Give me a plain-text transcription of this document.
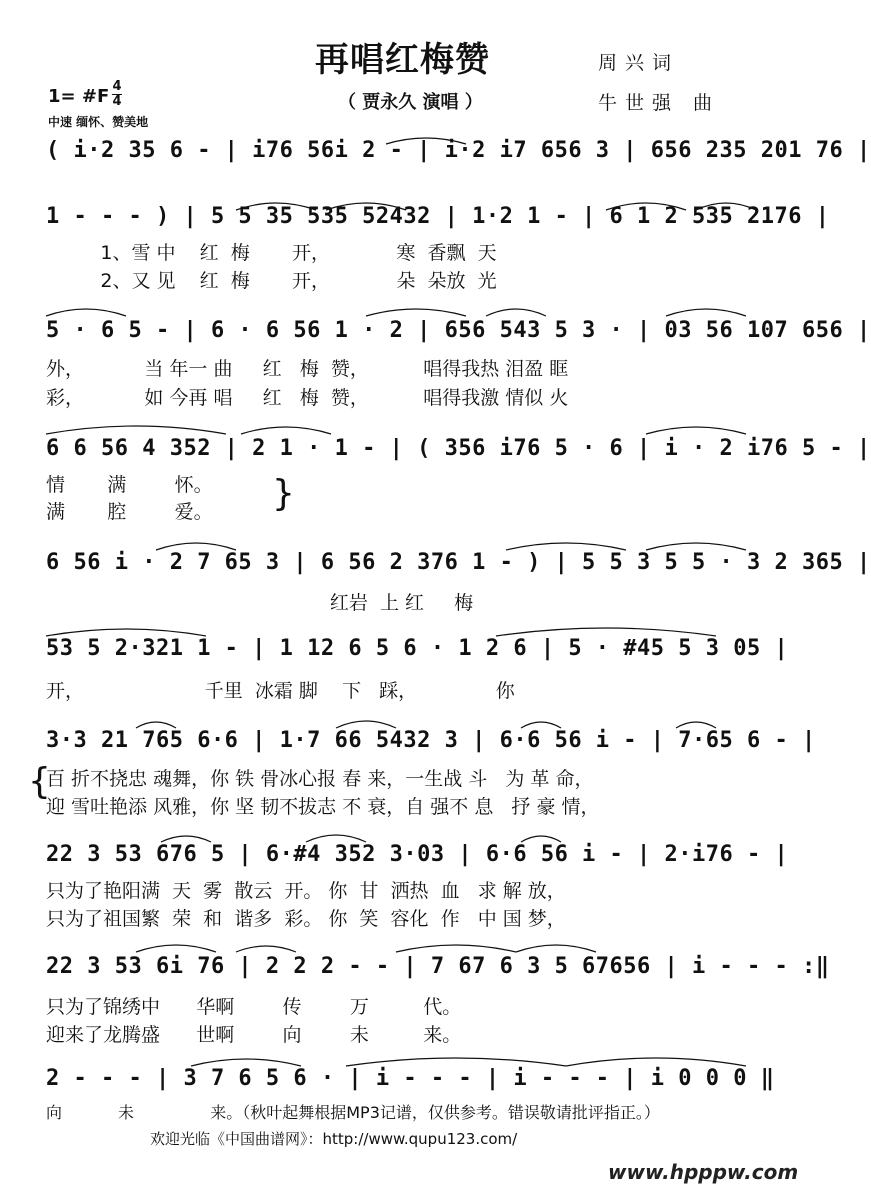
再唱红梅赞	周兴词
牛世强 曲
（ 贾永久 演唱 ）
1= #F 4
4
中速 缅怀、赞美地
( i·2 35 6 - | i76 56i 2 - | i·2 i7 656 3 | 656 235 201 76 |
1 - - - ) | 5 5 35 535 52432 | 1·2 1 - | 6 1 2 535 2176 |
1、雪 中    红  梅       开，           寒  香飘  天
2、又 见    红  梅       开，           朵  朵放  光
5 · 6 5 - | 6 · 6 56 1 · 2 | 656 543 5 3 · | 03 56 107 656 |
外，          当 年一 曲     红   梅  赞，         唱得我热 泪盈 眶
彩，          如 今再 唱     红   梅  赞，         唱得我激 情似 火
6 6 56 4 352 | 2 1 · 1 - | ( 356 i76 5 · 6 | i · 2 i76 5 - |
情       满        怀。
满       腔        爱。	}
6 56 i · 2 7 65 3 | 6 56 2 376 1 - ) | 5 5 3 5 5 · 3 2 365 |
红岩  上 红     梅
53 5 2·321 1 - | 1 12 6 5 6 · 1 2 6 | 5 · #45 5 3 05 |
开，                    千里  冰霜 脚    下   踩，             你
3·3 21 765 6·6 | 1·7 66 5432 3 | 6·6 56 i - | 7·65 6 - |
{
百 折不挠忠 魂舞，你 铁 骨冰心报 春 来，一生战 斗   为 革 命，
迎 雪吐艳添 风雅，你 坚 韧不拔志 不 衰，自 强不 息   抒 豪 情，
22 3 53 676 5 | 6·#4 352 3·03 | 6·6 56 i - | 2·i76 - |
只为了艳阳满  天  雾  散云  开。 你  甘  洒热  血   求 解 放，
只为了祖国繁  荣  和  谐多  彩。 你  笑  容化  作   中 国 梦，
22 3 53 6i 76 | 2 2 2 - - | 7 67 6 3 5 67656 | i - - - :‖
只为了锦绣中      华啊        传        万         代。
迎来了龙腾盛      世啊        向        未         来。
2 - - - | 3 7 6 5 6 · | i - - - | i - - - | i 0 0 0 ‖
向           未               来。（秋叶起舞根据MP3记谱，仅供参考。错误敬请批评指正。）
欢迎光临《中国曲谱网》：http://www.qupu123.com/
www.hpppw.com
